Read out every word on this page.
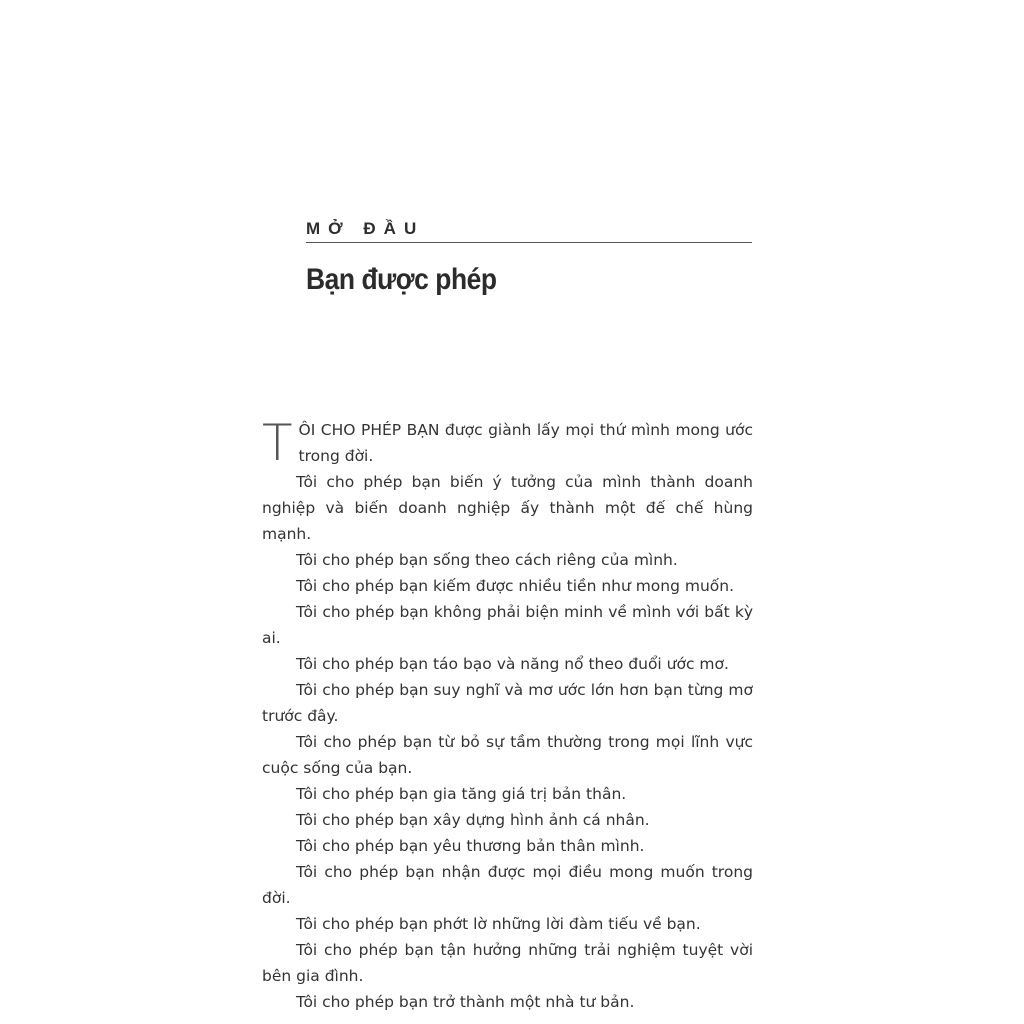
MỞ ĐẦU
Bạn được phép

TÔI CHO PHÉP BẠN được giành lấy mọi thứ mình mong ước trong đời.

Tôi cho phép bạn biến ý tưởng của mình thành doanh nghiệp và biến doanh nghiệp ấy thành một đế chế hùng mạnh.

Tôi cho phép bạn sống theo cách riêng của mình.

Tôi cho phép bạn kiếm được nhiều tiền như mong muốn.

Tôi cho phép bạn không phải biện minh về mình với bất kỳ ai.

Tôi cho phép bạn táo bạo và năng nổ theo đuổi ước mơ.

Tôi cho phép bạn suy nghĩ và mơ ước lớn hơn bạn từng mơ trước đây.

Tôi cho phép bạn từ bỏ sự tầm thường trong mọi lĩnh vực cuộc sống của bạn.

Tôi cho phép bạn gia tăng giá trị bản thân.

Tôi cho phép bạn xây dựng hình ảnh cá nhân.

Tôi cho phép bạn yêu thương bản thân mình.

Tôi cho phép bạn nhận được mọi điều mong muốn trong đời.

Tôi cho phép bạn phớt lờ những lời đàm tiếu về bạn.

Tôi cho phép bạn tận hưởng những trải nghiệm tuyệt vời bên gia đình.

Tôi cho phép bạn trở thành một nhà tư bản.
